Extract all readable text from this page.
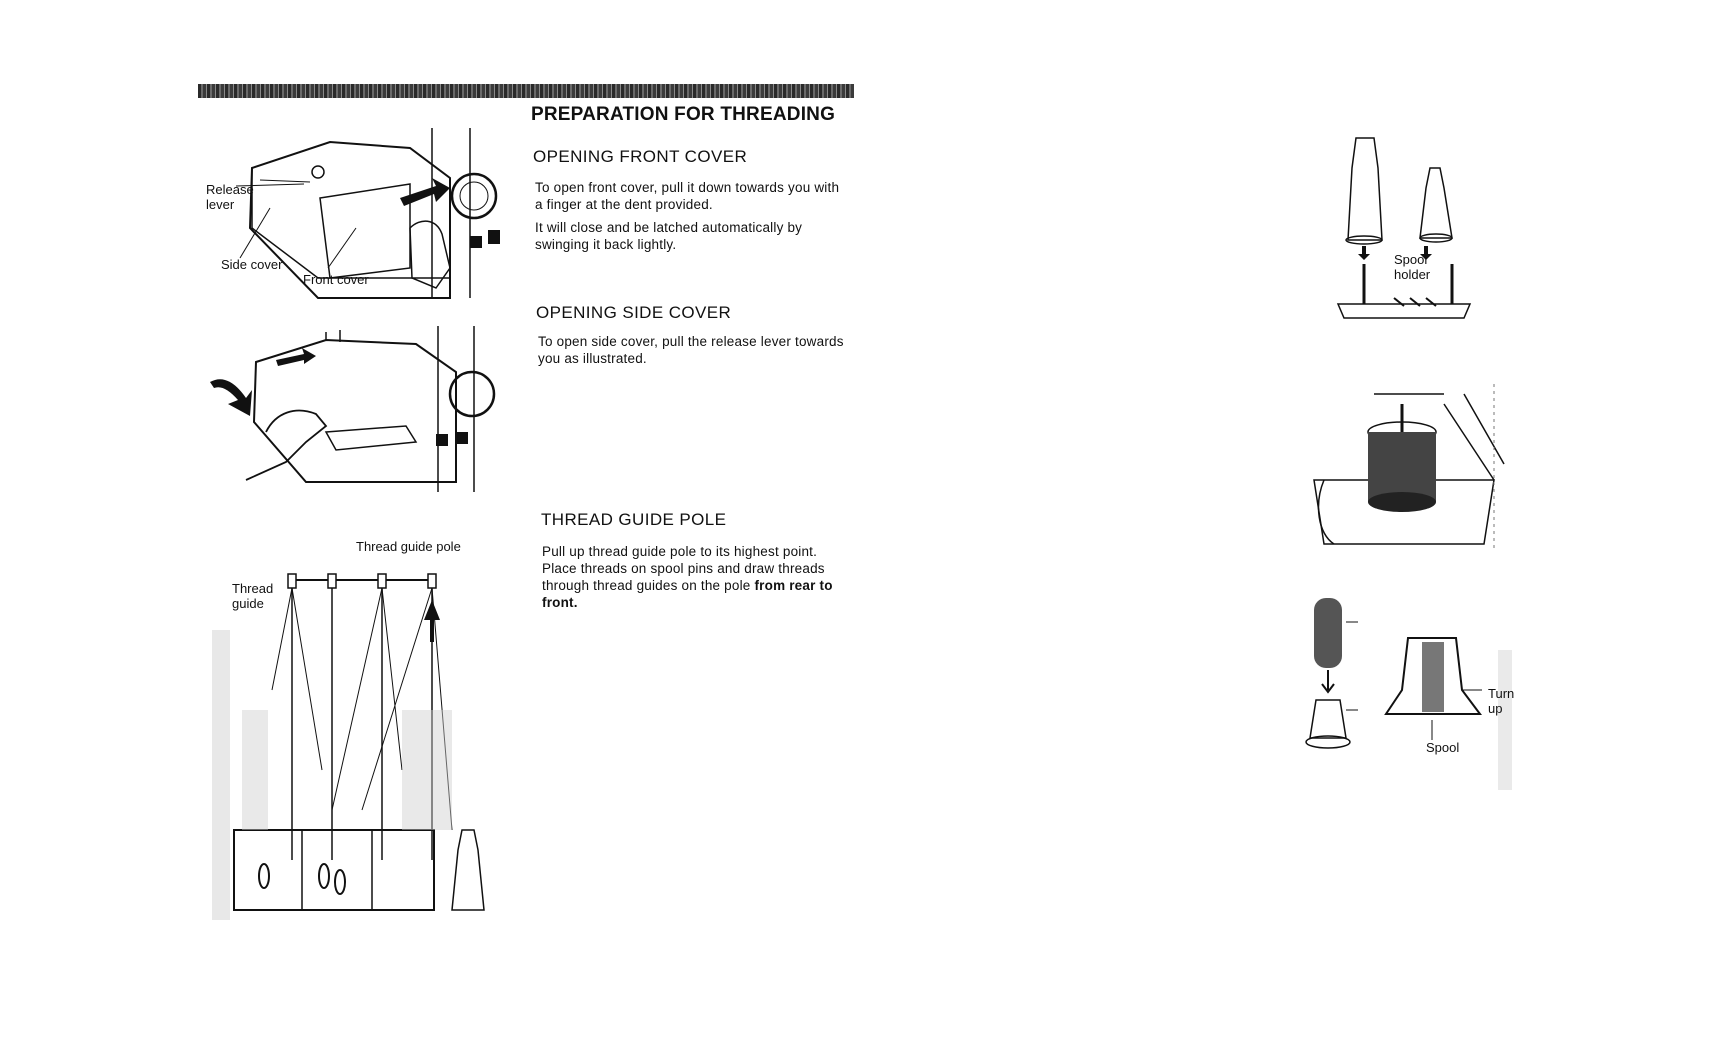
PREPARATION FOR THREADING
OPENING FRONT COVER
To open front cover, pull it down towards you with a finger at the dent provided.
It will close and be latched automatically by swinging it back lightly.
OPENING SIDE COVER
To open side cover, pull the release lever towards you as illustrated.
THREAD GUIDE POLE
Pull up thread guide pole to its highest point. Place threads on spool pins and draw threads through thread guides on the pole from rear to front.
Release lever
Side cover
Front cover
Thread guide pole
Thread guide
Spool holder
Turn up
Spool
